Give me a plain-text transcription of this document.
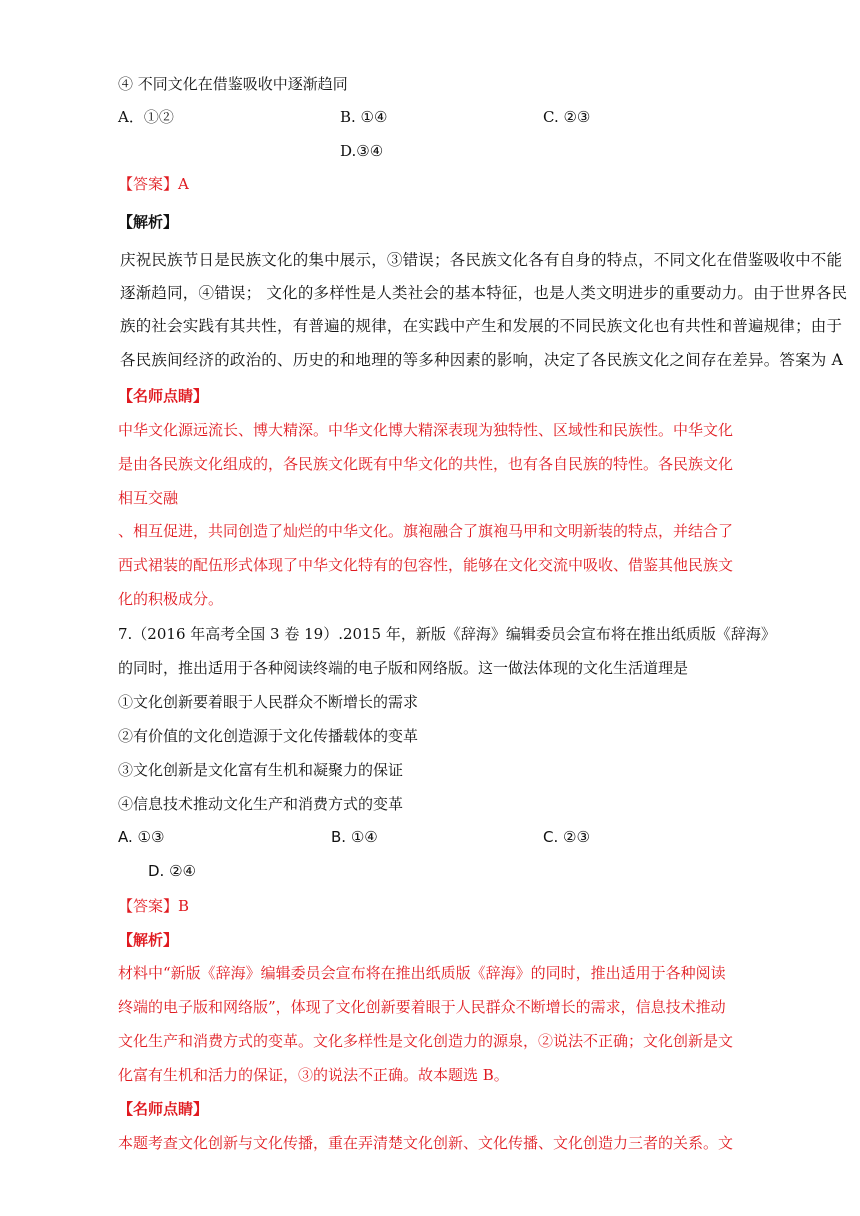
④ 不同文化在借鉴吸收中逐渐趋同
A．①②	B. ①④	C. ②③
D.③④
【答案】A
【解析】
庆祝民族节日是民族文化的集中展示，③错误；各民族文化各有自身的特点，不同文化在借鉴吸收中不能
逐渐趋同，④错误； 文化的多样性是人类社会的基本特征，也是人类文明进步的重要动力。由于世界各民
族的社会实践有其共性，有普遍的规律，在实践中产生和发展的不同民族文化也有共性和普遍规律；由于
各民族间经济的政治的、历史的和地理的等多种因素的影响，决定了各民族文化之间存在差异。答案为 A
【名师点睛】
中华文化源远流长、博大精深。中华文化博大精深表现为独特性、区域性和民族性。中华文化
是由各民族文化组成的，各民族文化既有中华文化的共性，也有各自民族的特性。各民族文化
相互交融
、相互促进，共同创造了灿烂的中华文化。旗袍融合了旗袍马甲和文明新装的特点，并结合了
西式裙装的配伍形式体现了中华文化特有的包容性，能够在文化交流中吸收、借鉴其他民族文
化的积极成分。
7.（2016 年高考全国 3 卷 19）.2015 年，新版《辞海》编辑委员会宣布将在推出纸质版《辞海》
的同时，推出适用于各种阅读终端的电子版和网络版。这一做法体现的文化生活道理是
①文化创新要着眼于人民群众不断增长的需求
②有价值的文化创造源于文化传播载体的变革
③文化创新是文化富有生机和凝聚力的保证
④信息技术推动文化生产和消费方式的变革
A. ①③	B. ①④	C. ②③
D. ②④
【答案】B
【解析】
材料中“新版《辞海》编辑委员会宣布将在推出纸质版《辞海》的同时，推出适用于各种阅读
终端的电子版和网络版”，体现了文化创新要着眼于人民群众不断增长的需求，信息技术推动
文化生产和消费方式的变革。文化多样性是文化创造力的源泉，②说法不正确；文化创新是文
化富有生机和活力的保证，③的说法不正确。故本题选 B。
【名师点睛】
本题考查文化创新与文化传播，重在弄清楚文化创新、文化传播、文化创造力三者的关系。文
